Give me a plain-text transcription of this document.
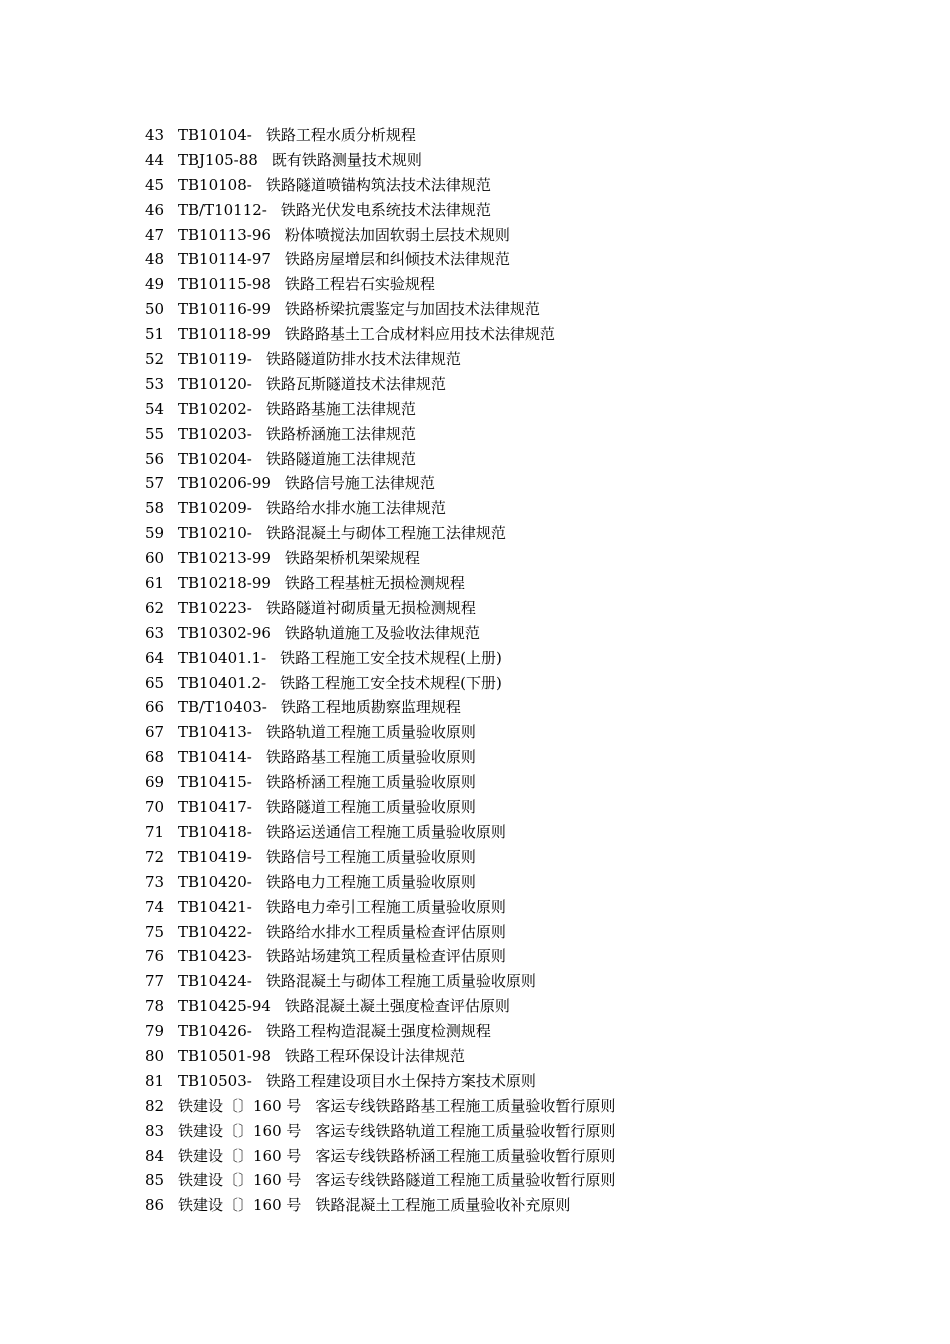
43 TB10104- 铁路工程水质分析规程
44 TBJ105-88 既有铁路测量技术规则
45 TB10108- 铁路隧道喷锚构筑法技术法律规范
46 TB/T10112- 铁路光伏发电系统技术法律规范
47 TB10113-96 粉体喷搅法加固软弱土层技术规则
48 TB10114-97 铁路房屋增层和纠倾技术法律规范
49 TB10115-98 铁路工程岩石实验规程
50 TB10116-99 铁路桥梁抗震鉴定与加固技术法律规范
51 TB10118-99 铁路路基土工合成材料应用技术法律规范
52 TB10119- 铁路隧道防排水技术法律规范
53 TB10120- 铁路瓦斯隧道技术法律规范
54 TB10202- 铁路路基施工法律规范
55 TB10203- 铁路桥涵施工法律规范
56 TB10204- 铁路隧道施工法律规范
57 TB10206-99 铁路信号施工法律规范
58 TB10209- 铁路给水排水施工法律规范
59 TB10210- 铁路混凝土与砌体工程施工法律规范
60 TB10213-99 铁路架桥机架梁规程
61 TB10218-99 铁路工程基桩无损检测规程
62 TB10223- 铁路隧道衬砌质量无损检测规程
63 TB10302-96 铁路轨道施工及验收法律规范
64 TB10401.1- 铁路工程施工安全技术规程(上册)
65 TB10401.2- 铁路工程施工安全技术规程(下册)
66 TB/T10403- 铁路工程地质勘察监理规程
67 TB10413- 铁路轨道工程施工质量验收原则
68 TB10414- 铁路路基工程施工质量验收原则
69 TB10415- 铁路桥涵工程施工质量验收原则
70 TB10417- 铁路隧道工程施工质量验收原则
71 TB10418- 铁路运送通信工程施工质量验收原则
72 TB10419- 铁路信号工程施工质量验收原则
73 TB10420- 铁路电力工程施工质量验收原则
74 TB10421- 铁路电力牵引工程施工质量验收原则
75 TB10422- 铁路给水排水工程质量检查评估原则
76 TB10423- 铁路站场建筑工程质量检查评估原则
77 TB10424- 铁路混凝土与砌体工程施工质量验收原则
78 TB10425-94 铁路混凝土凝土强度检查评估原则
79 TB10426- 铁路工程构造混凝土强度检测规程
80 TB10501-98 铁路工程环保设计法律规范
81 TB10503- 铁路工程建设项目水土保持方案技术原则
82 铁建设〔〕160 号 客运专线铁路路基工程施工质量验收暂行原则
83 铁建设〔〕160 号 客运专线铁路轨道工程施工质量验收暂行原则
84 铁建设〔〕160 号 客运专线铁路桥涵工程施工质量验收暂行原则
85 铁建设〔〕160 号 客运专线铁路隧道工程施工质量验收暂行原则
86 铁建设〔〕160 号 铁路混凝土工程施工质量验收补充原则
